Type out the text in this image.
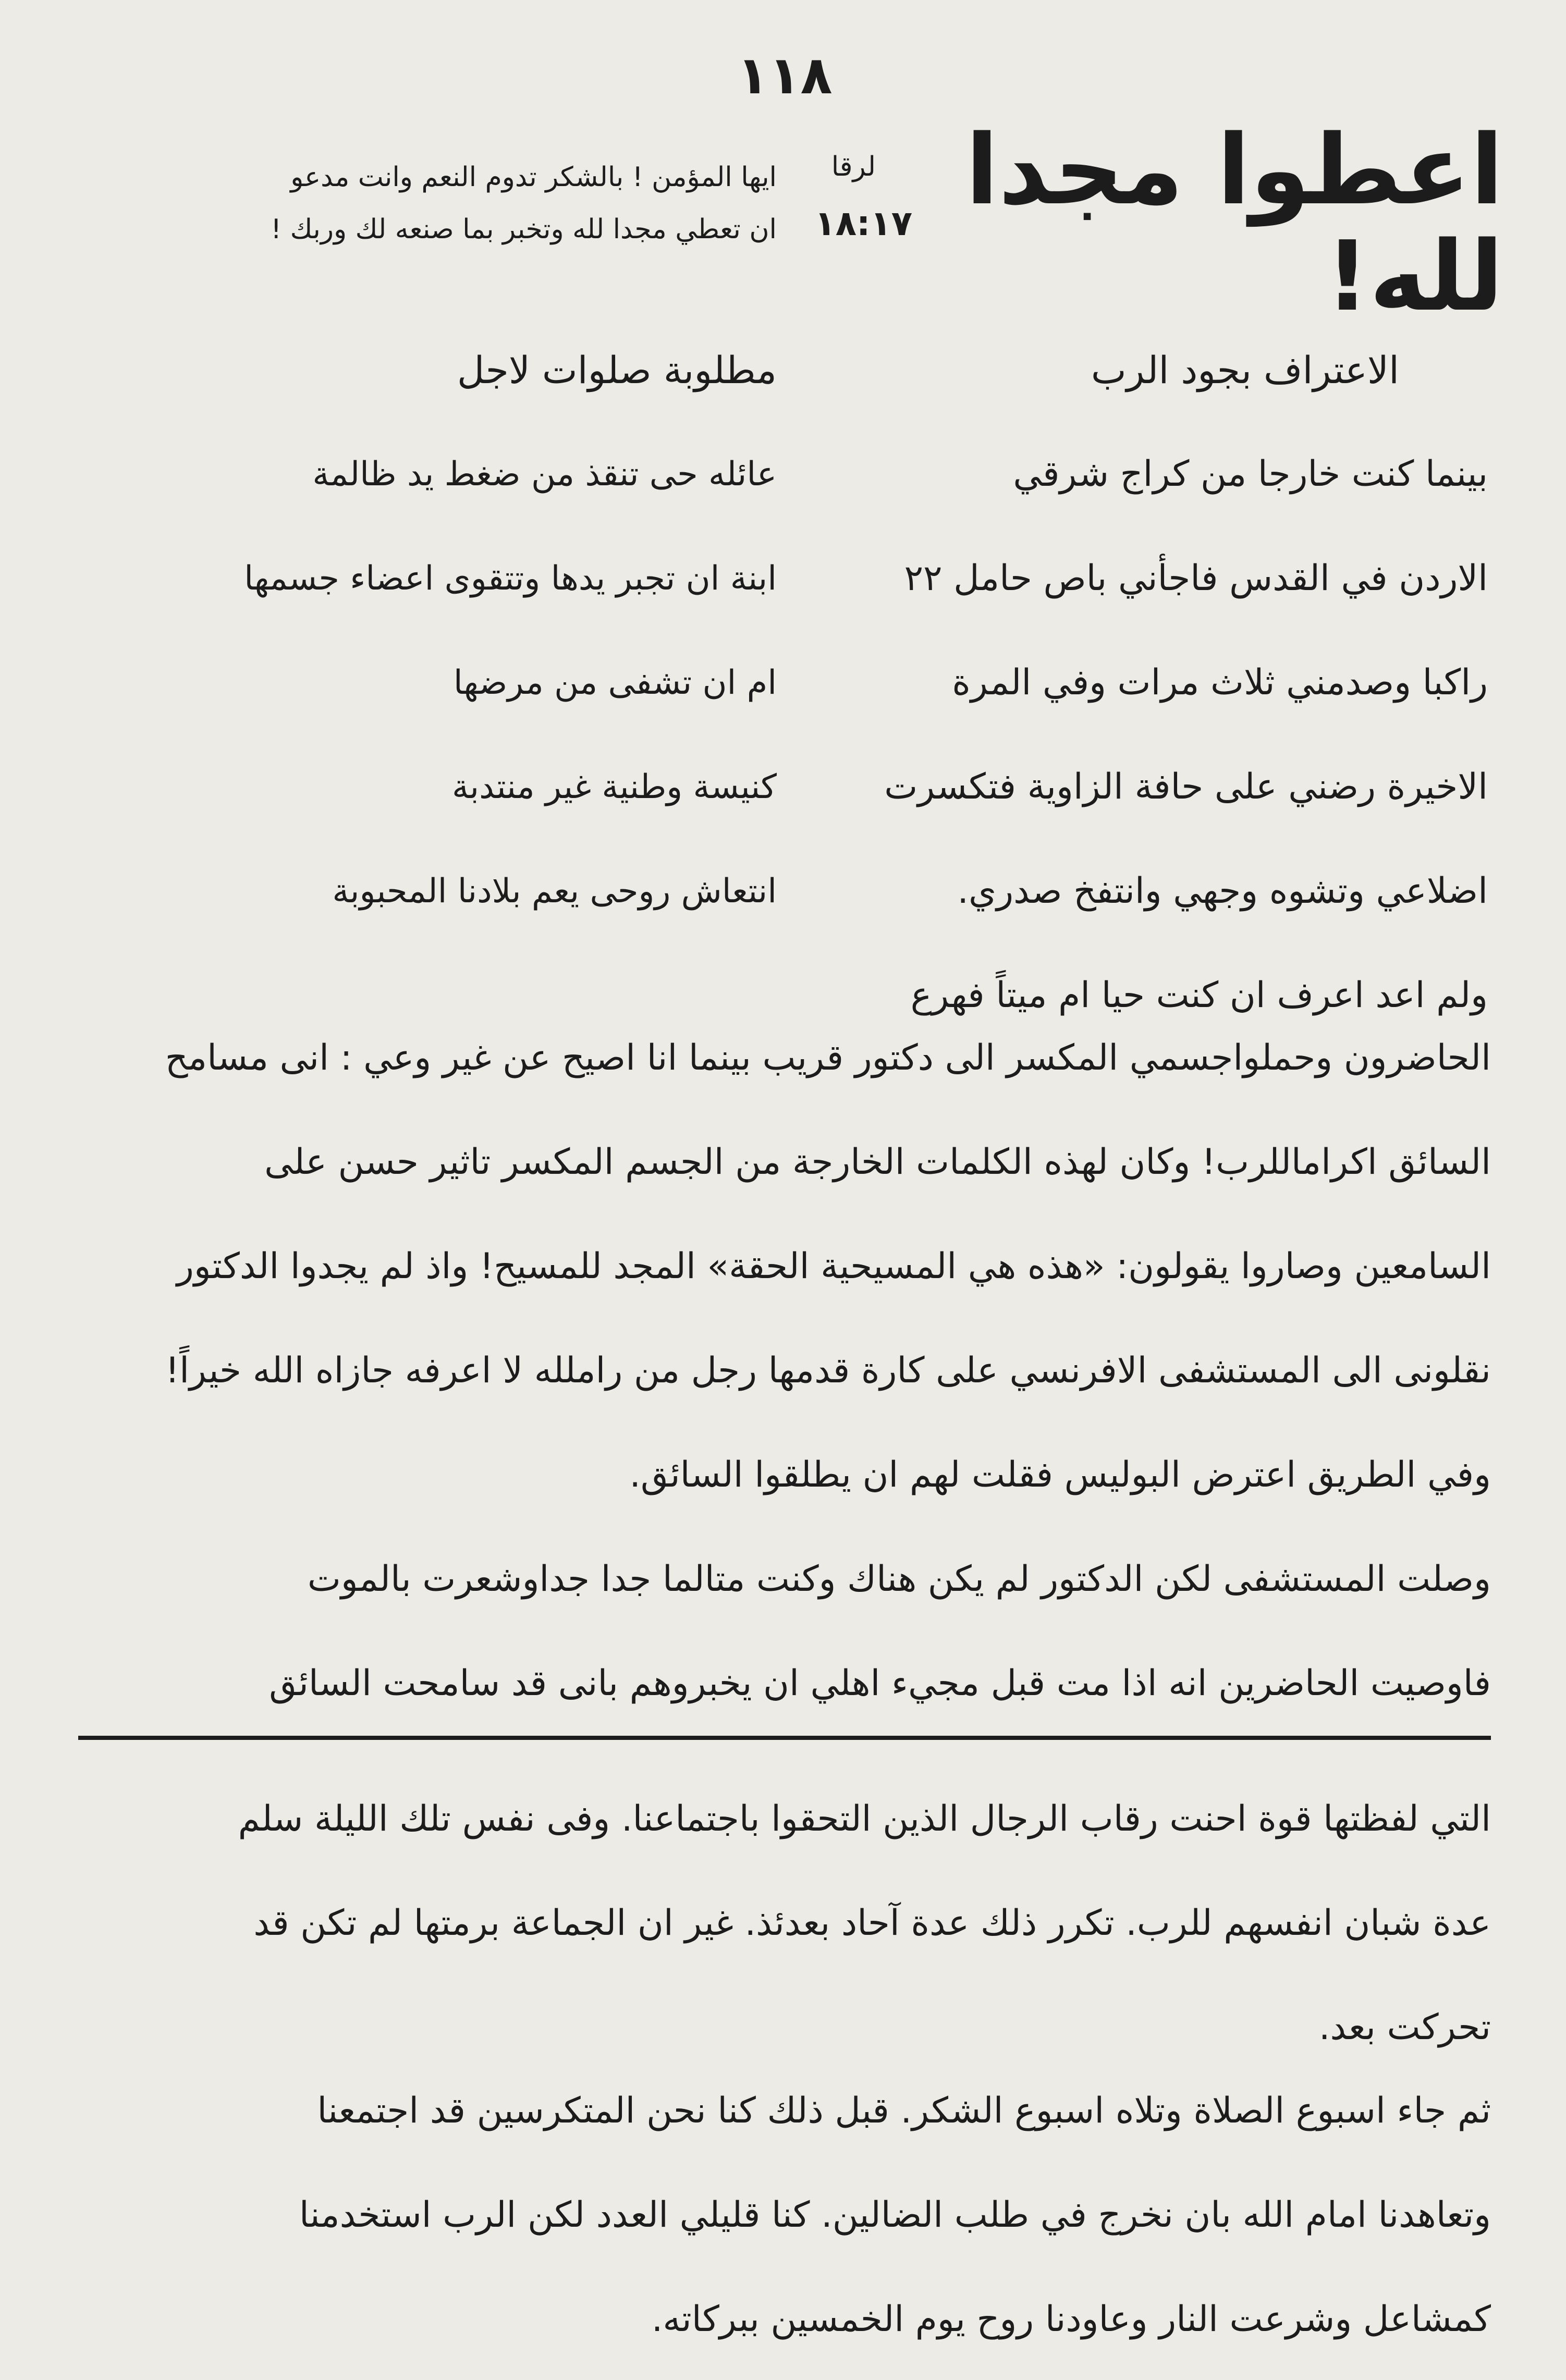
١١٨
اعطوا مجدا لله!
لرقا
١٨:١٧
ايها المؤمن ! بالشكر تدوم النعم وانت مدعو
ان تعطي مجدا لله وتخبر بما صنعه لك وربك !
الاعتراف بجود الرب
بينما كنت خارجا من كراج شرقي
الاردن في القدس فاجأني باص حامل ٢٢
راكبا وصدمني ثلاث مرات وفي المرة
الاخيرة رضني على حافة الزاوية فتكسرت
اضلاعي وتشوه وجهي وانتفخ صدري.
ولم اعد اعرف ان كنت حيا ام ميتاً فهرع
مطلوبة صلوات لاجل
عائله حى تنقذ من ضغط يد ظالمة
ابنة ان تجبر يدها وتتقوى اعضاء جسمها
ام ان تشفى من مرضها
كنيسة وطنية غير منتدبة
انتعاش روحى يعم بلادنا المحبوبة
الحاضرون وحملواجسمي المكسر الى دكتور قريب بينما انا اصيح عن غير وعي : انى مسامح
السائق اكراماللرب! وكان لهذه الكلمات الخارجة من الجسم المكسر تاثير حسن على
السامعين وصاروا يقولون: «هذه هي المسيحية الحقة» المجد للمسيح! واذ لم يجدوا الدكتور
نقلونى الى المستشفى الافرنسي على كارة قدمها رجل من راملله لا اعرفه جازاه الله خيراً!
وفي الطريق اعترض البوليس فقلت لهم ان يطلقوا السائق.
وصلت المستشفى لكن الدكتور لم يكن هناك وكنت متالما جدا جداوشعرت بالموت
فاوصيت الحاضرين انه اذا مت قبل مجيء اهلي ان يخبروهم بانى قد سامحت السائق
التي لفظتها قوة احنت رقاب الرجال الذين التحقوا باجتماعنا. وفى نفس تلك الليلة سلم
عدة شبان انفسهم للرب. تكرر ذلك عدة آحاد بعدئذ. غير ان الجماعة برمتها لم تكن قد
تحركت بعد.
ثم جاء اسبوع الصلاة وتلاه اسبوع الشكر. قبل ذلك كنا نحن المتكرسين قد اجتمعنا
وتعاهدنا امام الله بان نخرج في طلب الضالين. كنا قليلي العدد لكن الرب استخدمنا
كمشاعل وشرعت النار وعاودنا روح يوم الخمسين ببركاته.
